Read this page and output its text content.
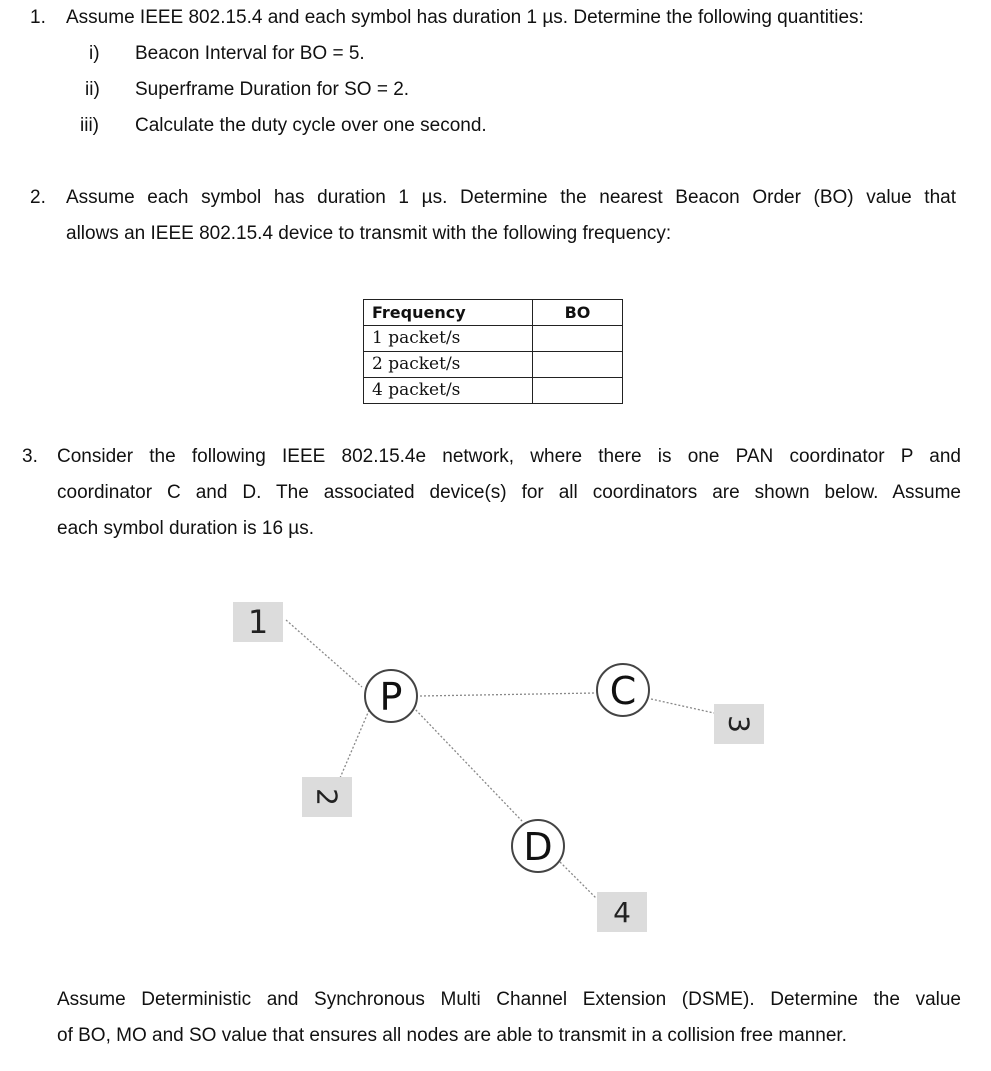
1. Assume IEEE 802.15.4 and each symbol has duration 1 µs. Determine the following quantities:
i) Beacon Interval for BO = 5.
ii) Superframe Duration for SO = 2.
iii) Calculate the duty cycle over one second.
2. Assume each symbol has duration 1 µs. Determine the nearest Beacon Order (BO) value that
allows an IEEE 802.15.4 device to transmit with the following frequency:
Frequency	BO
1 packet/s	
2 packet/s	
4 packet/s	
3. Consider the following IEEE 802.15.4e network, where there is one PAN coordinator P and
coordinator C and D. The associated device(s) for all coordinators are shown below. Assume
each symbol duration is 16 µs.
1
2
3
4
P	C
D
Assume Deterministic and Synchronous Multi Channel Extension (DSME). Determine the value
of BO, MO and SO value that ensures all nodes are able to transmit in a collision free manner.
